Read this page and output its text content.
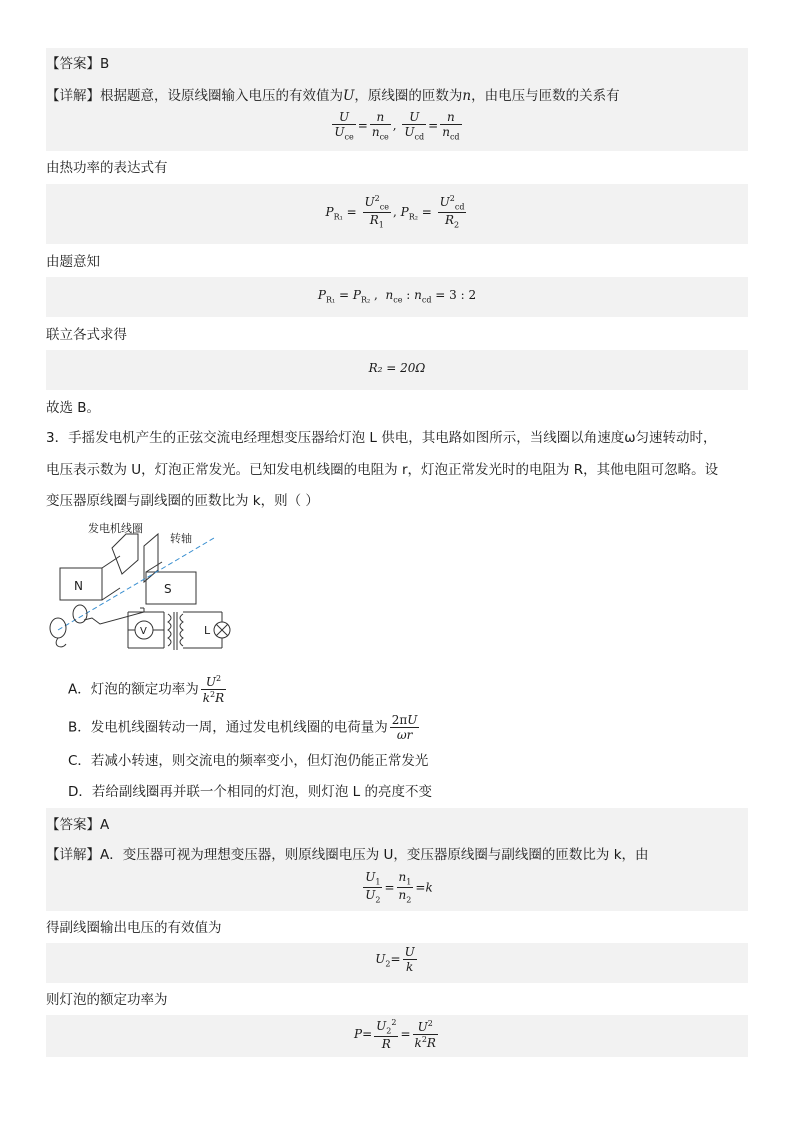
【答案】B
【详解】根据题意，设原线圈输入电压的有效值为U，原线圈的匝数为n，由电压与匝数的关系有
$\frac{U}{U_{ce}} = \frac{n}{n_{ce}}$ , $\frac{U}{U_{cd}} = \frac{n}{n_{cd}}$
由热功率的表达式有
$P_{R_1} = \frac{U^2_{ce}}{R_1}$ , $P_{R_2} = \frac{U^2_{cd}}{R_2}$
由题意知
$P_{R_1} = P_{R_2}$ ,  $n_{ce}$ : $n_{cd} = 3$ : 2
联立各式求得
R₂ = 20Ω
故选 B。
3．手摇发电机产生的正弦交流电经理想变压器给灯泡 L 供电，其电路如图所示，当线圈以角速度ω匀速转动时，
电压表示数为 U，灯泡正常发光。已知发电机线圈的电阻为 r，灯泡正常发光时的电阻为 R，其他电阻可忽略。设
变压器原线圈与副线圈的匝数比为 k，则（ ）
发电机线圈
转轴
N	S
V	L
A．灯泡的额定功率为 $\frac{U^2}{k^2R}$
B．发电机线圈转动一周，通过发电机线圈的电荷量为 $\frac{2\pi U}{\omega r}$
C．若减小转速，则交流电的频率变小，但灯泡仍能正常发光
D．若给副线圈再并联一个相同的灯泡，则灯泡 L 的亮度不变
【答案】A
【详解】A．变压器可视为理想变压器，则原线圈电压为 U，变压器原线圈与副线圈的匝数比为 k，由
$\frac{U_1}{U_2} = \frac{n_1}{n_2} =k$
得副线圈输出电压的有效值为
$U_2= \frac{U}{k}$
则灯泡的额定功率为
$P= \frac{U_2^2}{R} = \frac{U^2}{k^2R}$
